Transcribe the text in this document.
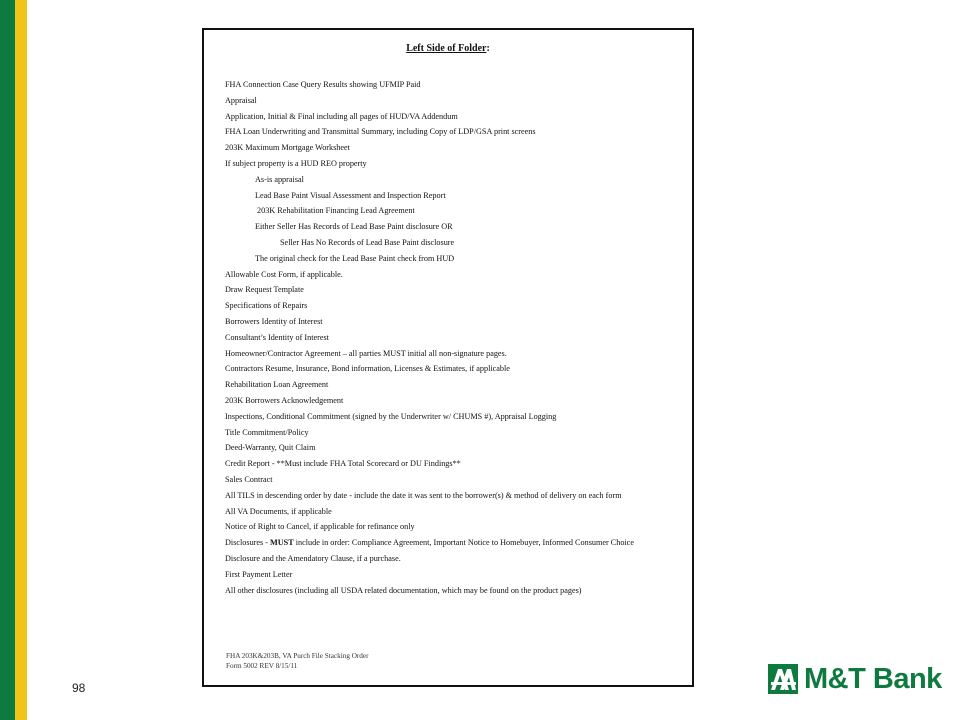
Left Side of Folder:
FHA Connection Case Query Results showing UFMIP Paid
Appraisal
Application, Initial & Final including all pages of HUD/VA Addendum
FHA Loan Underwriting and Transmittal Summary, including Copy of LDP/GSA print screens
203K Maximum Mortgage Worksheet
If subject property is a HUD REO property
As-is appraisal
Lead Base Paint Visual Assessment and Inspection Report
203K Rehabilitation Financing Lead Agreement
Either Seller Has Records of Lead Base Paint disclosure OR
Seller Has No Records of Lead Base Paint disclosure
The original check for the Lead Base Paint check from HUD
Allowable Cost Form, if applicable.
Draw Request Template
Specifications of Repairs
Borrowers Identity of Interest
Consultant’s Identity of Interest
Homeowner/Contractor Agreement – all parties MUST initial all non-signature pages.
Contractors Resume, Insurance, Bond information, Licenses & Estimates, if applicable
Rehabilitation Loan Agreement
203K Borrowers Acknowledgement
Inspections, Conditional Commitment (signed by the Underwriter w/ CHUMS #), Appraisal Logging
Title Commitment/Policy
Deed-Warranty, Quit Claim
Credit Report - **Must include FHA Total Scorecard or DU Findings**
Sales Contract
All TILS in descending order by date - include the date it was sent to the borrower(s) & method of delivery on each form
All VA Documents, if applicable
Notice of Right to Cancel, if applicable for refinance only
Disclosures - MUST include in order: Compliance Agreement, Important Notice to Homebuyer, Informed Consumer Choice
Disclosure and the Amendatory Clause, if a purchase.
First Payment Letter
All other disclosures (including all USDA related documentation, which may be found on the product pages)
FHA 203K&203B, VA Purch File Stacking Order
Form 5002 REV 8/15/11
98	M&T Bank
